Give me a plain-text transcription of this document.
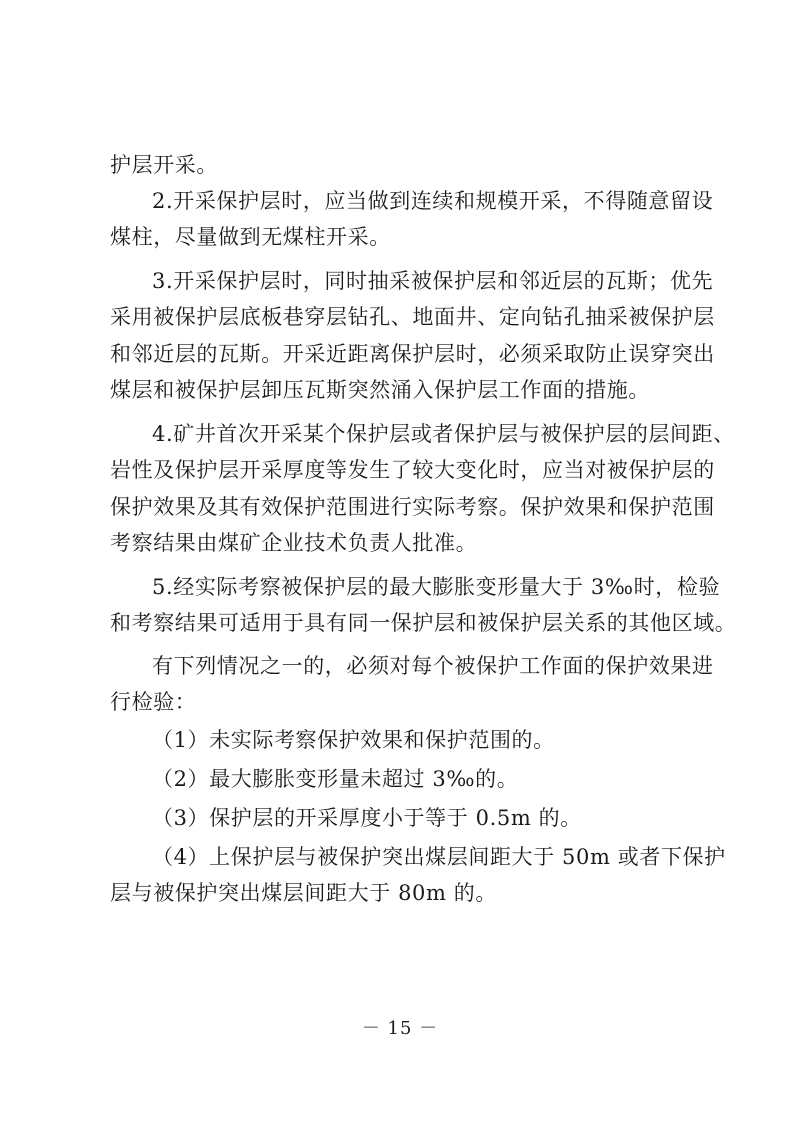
护层开采。
2.开采保护层时，应当做到连续和规模开采，不得随意留设
煤柱，尽量做到无煤柱开采。
3.开采保护层时，同时抽采被保护层和邻近层的瓦斯；优先
采用被保护层底板巷穿层钻孔、地面井、定向钻孔抽采被保护层
和邻近层的瓦斯。开采近距离保护层时，必须采取防止误穿突出
煤层和被保护层卸压瓦斯突然涌入保护层工作面的措施。
4.矿井首次开采某个保护层或者保护层与被保护层的层间距、
岩性及保护层开采厚度等发生了较大变化时，应当对被保护层的
保护效果及其有效保护范围进行实际考察。保护效果和保护范围
考察结果由煤矿企业技术负责人批准。
5.经实际考察被保护层的最大膨胀变形量大于 3‰时，检验
和考察结果可适用于具有同一保护层和被保护层关系的其他区域。
有下列情况之一的，必须对每个被保护工作面的保护效果进
行检验：
（1）未实际考察保护效果和保护范围的。
（2）最大膨胀变形量未超过 3‰的。
（3）保护层的开采厚度小于等于 0.5m 的。
（4）上保护层与被保护突出煤层间距大于 50m 或者下保护
层与被保护突出煤层间距大于 80m 的。
－ 15 －
